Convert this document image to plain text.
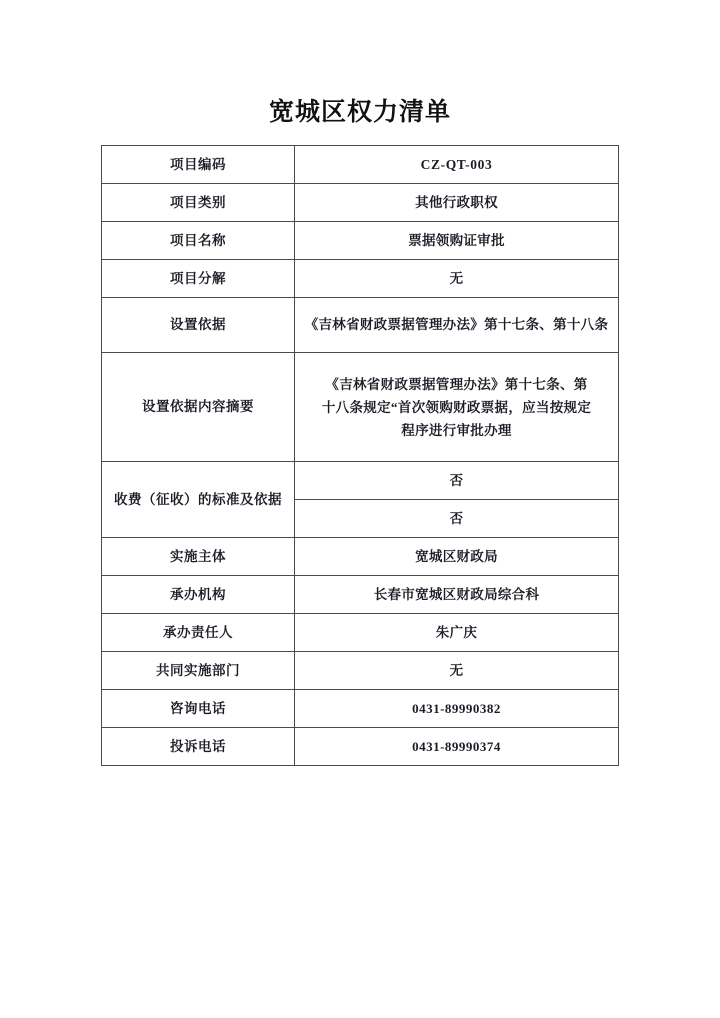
宽城区权力清单
项目编码	CZ-QT-003
项目类别	其他行政职权
项目名称	票据领购证审批
项目分解	无
设置依据	《吉林省财政票据管理办法》第十七条、第十八条
设置依据内容摘要	《吉林省财政票据管理办法》第十七条、第十八条规定“首次领购财政票据，应当按规定程序进行审批办理

收费（征收）的标准及依据	否
	否
实施主体	宽城区财政局
承办机构	长春市宽城区财政局综合科
承办责任人	朱广庆
共同实施部门	无
咨询电话	0431-89990382
投诉电话	0431-89990374
